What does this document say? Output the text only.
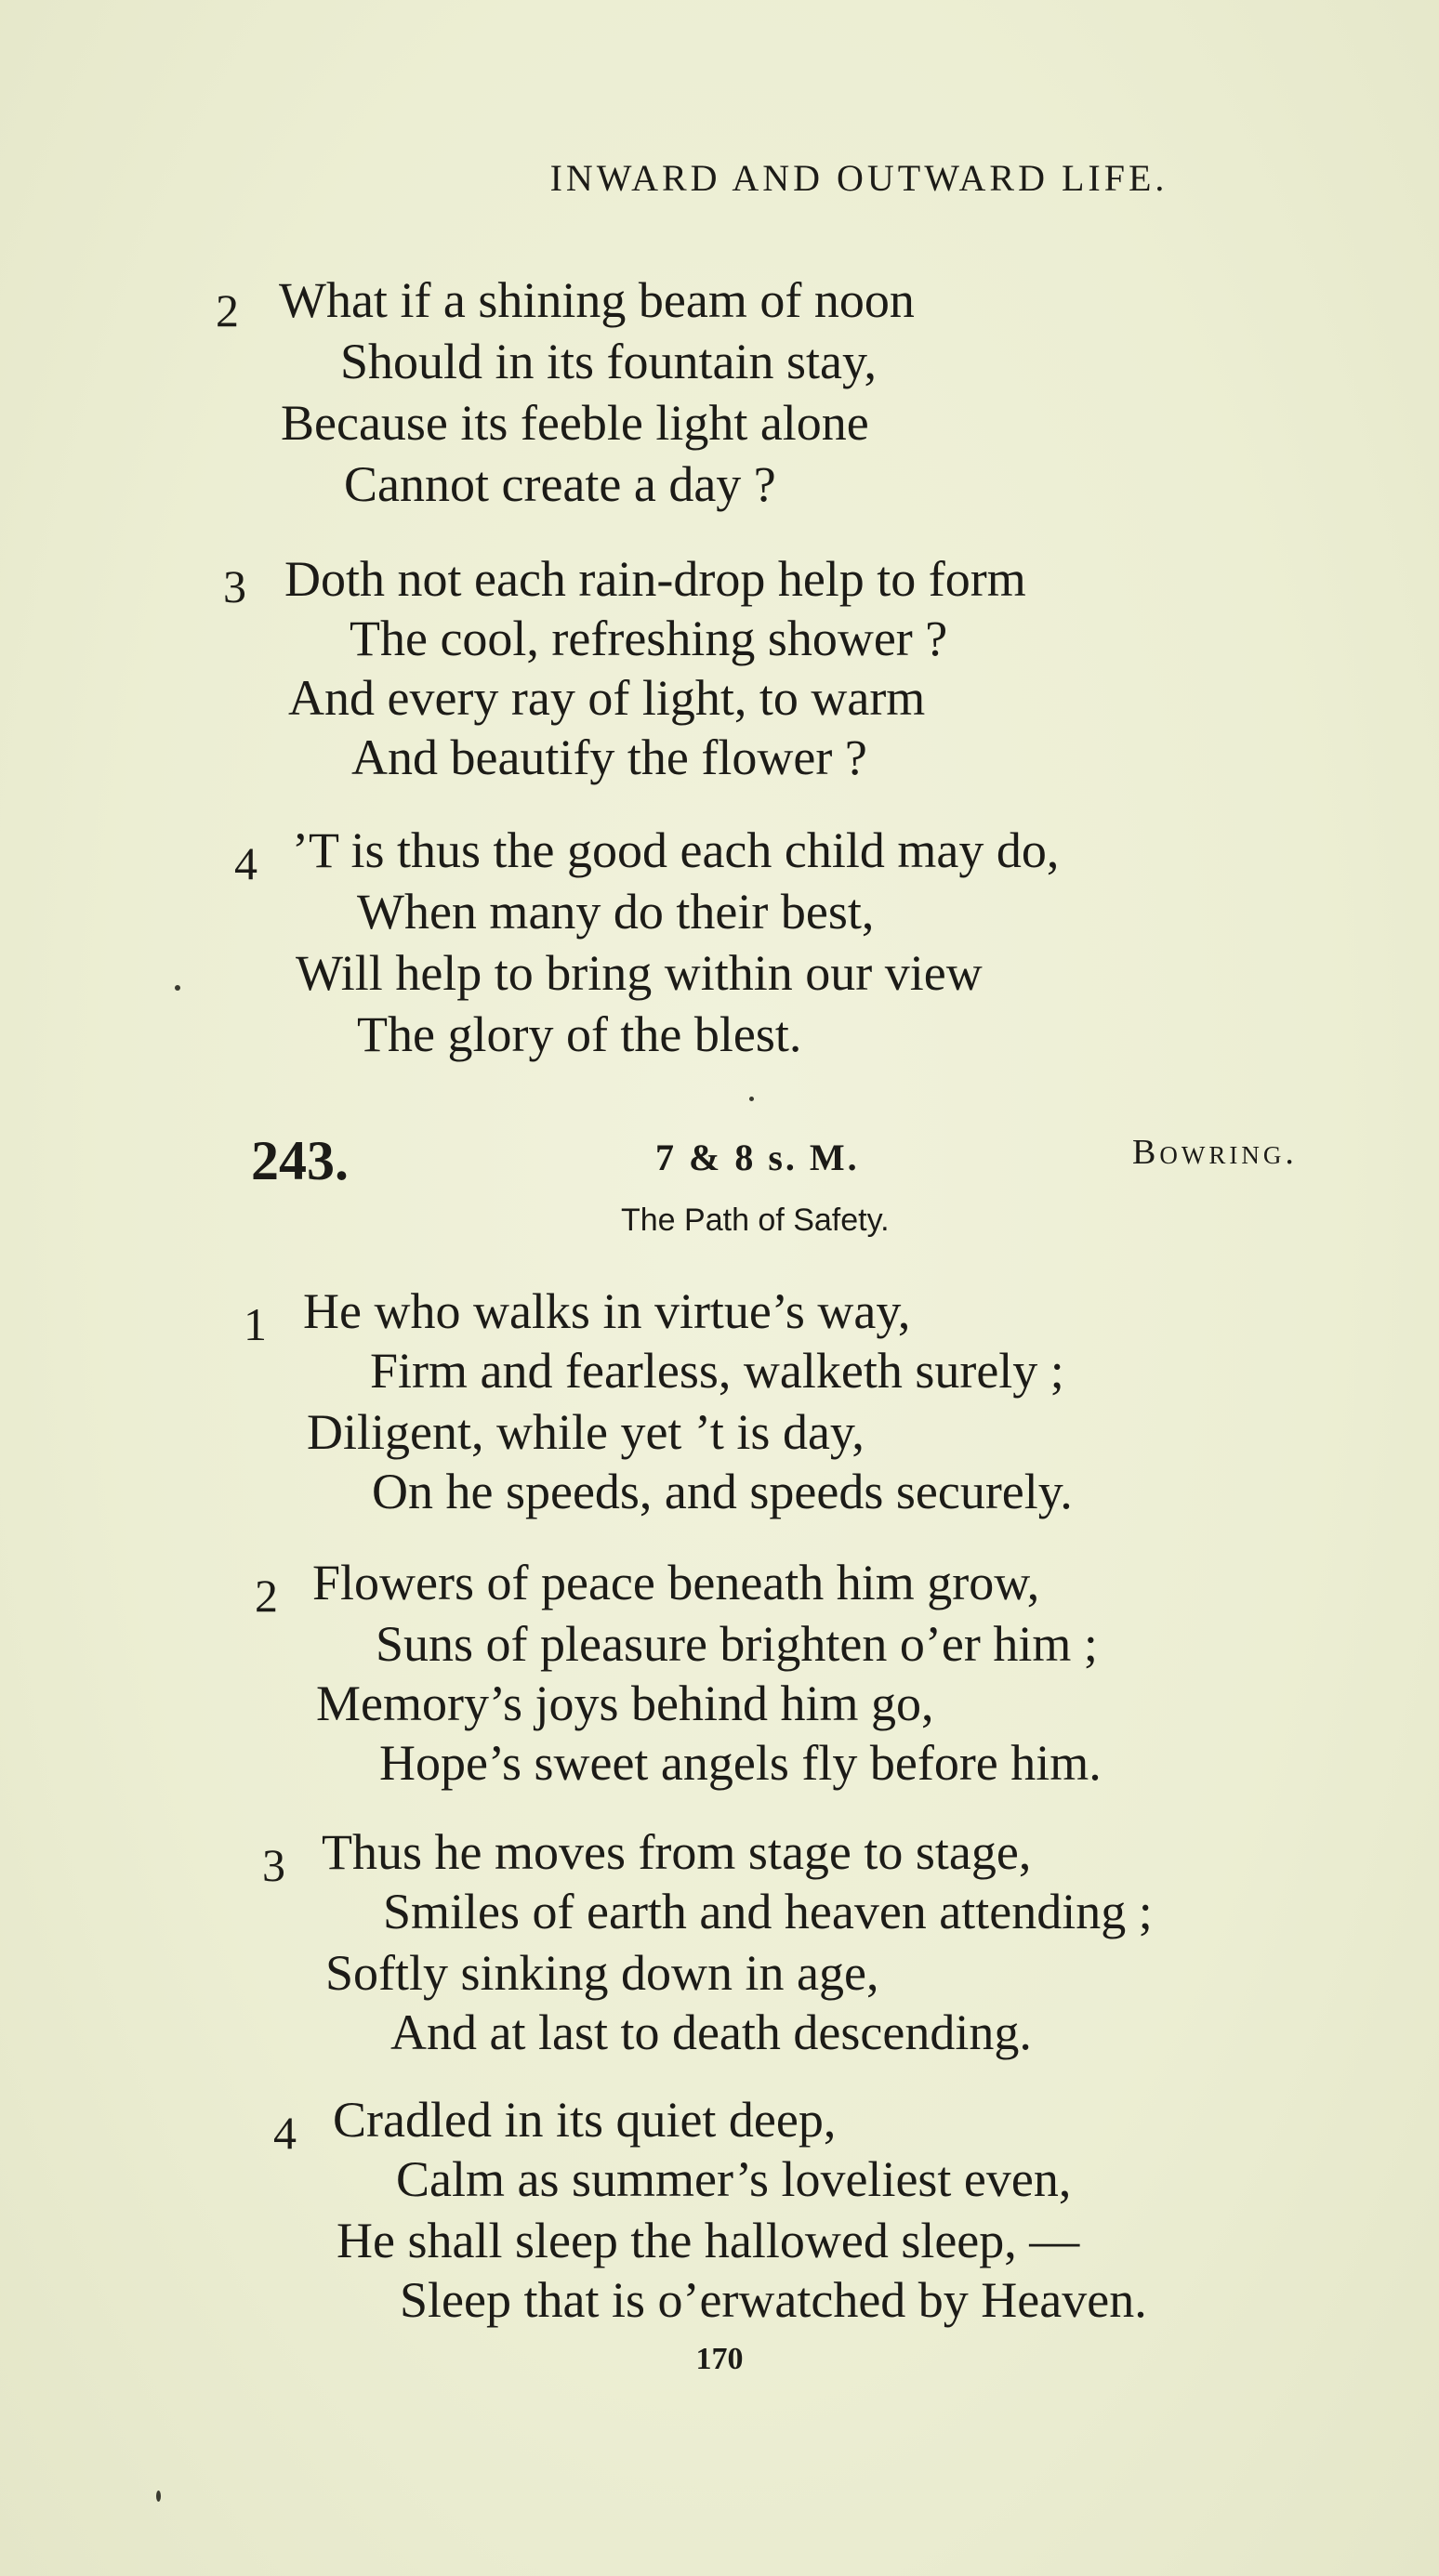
INWARD AND OUTWARD LIFE.
2 What if a shining beam of noon
Should in its fountain stay,
Because its feeble light alone
Cannot create a day ?
3 Doth not each rain-drop help to form
The cool, refreshing shower ?
And every ray of light, to warm
And beautify the flower ?
4 ’T is thus the good each child may do,
When many do their best,
Will help to bring within our view
The glory of the blest.
243.	7 & 8 s. M.	Bowring.
The Path of Safety.
1 He who walks in virtue’s way,
Firm and fearless, walketh surely ;
Diligent, while yet ’t is day,
On he speeds, and speeds securely.
2 Flowers of peace beneath him grow,
Suns of pleasure brighten o’er him ;
Memory’s joys behind him go,
Hope’s sweet angels fly before him.
3 Thus he moves from stage to stage,
Smiles of earth and heaven attending ;
Softly sinking down in age,
And at last to death descending.
4 Cradled in its quiet deep,
Calm as summer’s loveliest even,
He shall sleep the hallowed sleep, —
Sleep that is o’erwatched by Heaven.
170
